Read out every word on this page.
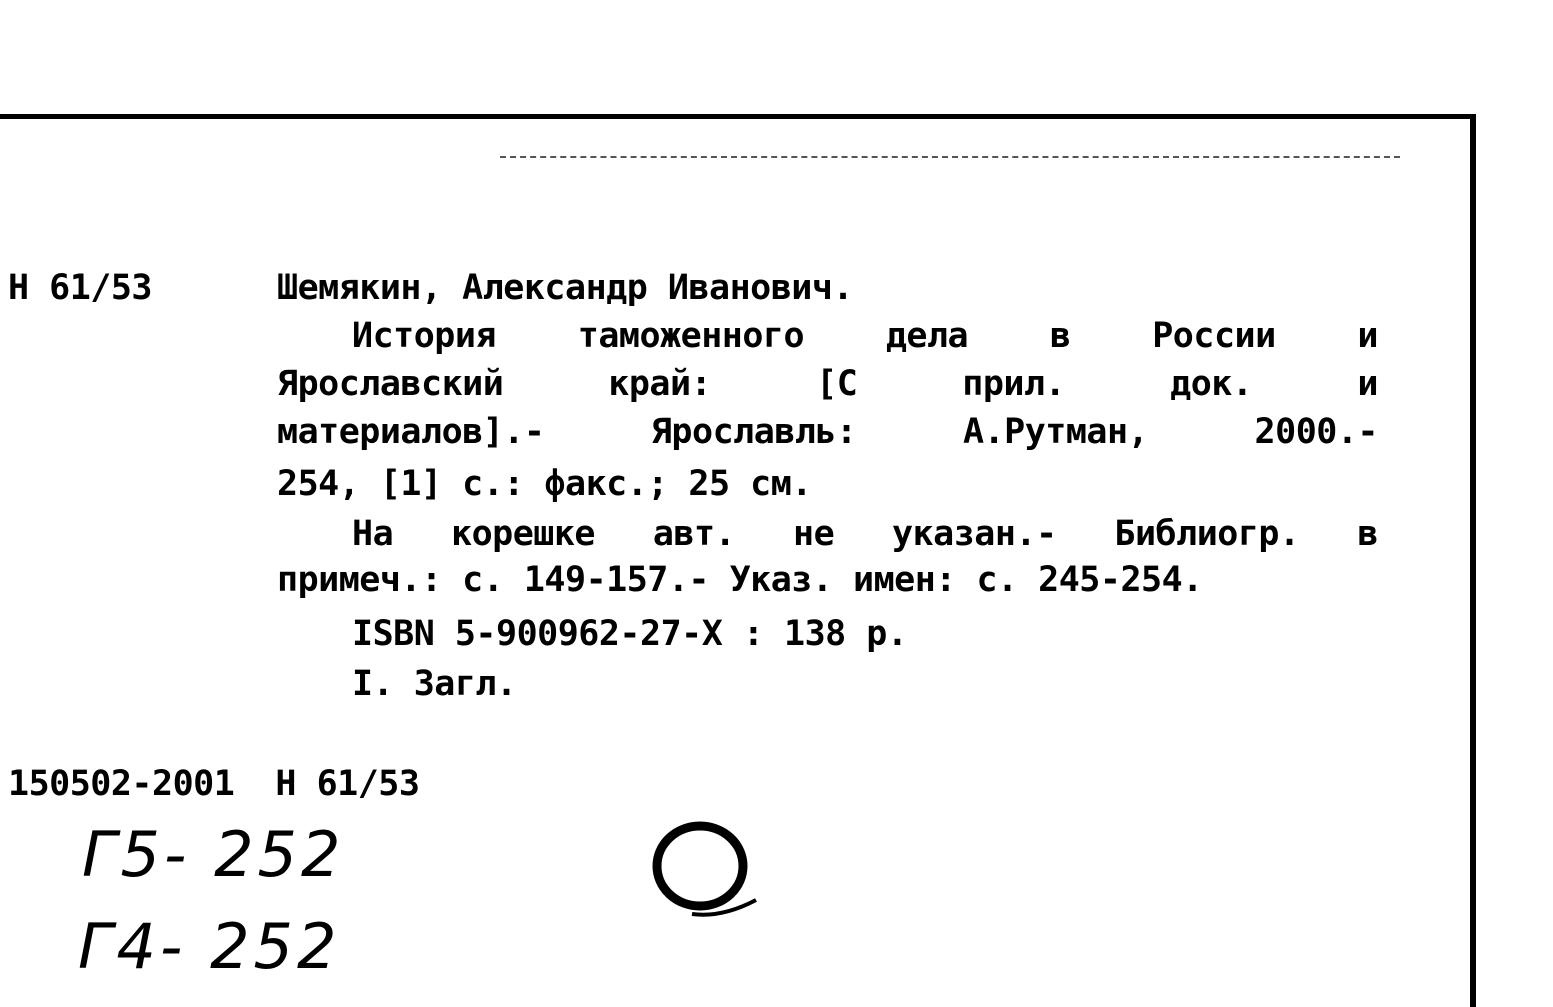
Н 61/53	Шемякин, Александр Иванович.
История таможенного дела в России и
Ярославский край: [С прил. док. и
материалов].- Ярославль: А.Рутман, 2000.-
254, [1] с.: факс.; 25 см.
На корешке авт. не указан.- Библиогр. в
примеч.: с. 149-157.- Указ. имен: с. 245-254.
ISBN 5-900962-27-X : 138 р.
I. Загл.
150502-2001  Н 61/53
Г5- 252
Г4- 252
